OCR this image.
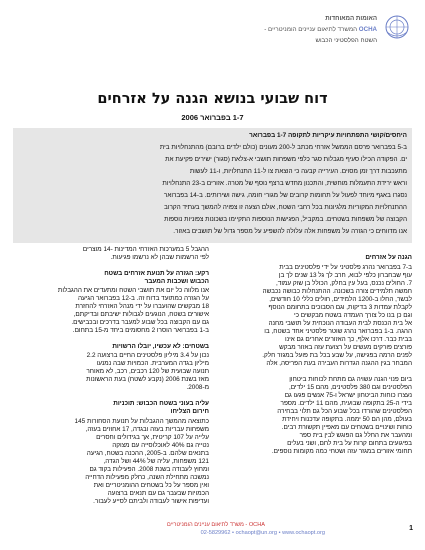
האומות המאוחדות
OCHA המשרד לתיאום עניינים הומניטריים -
השטח הפלסטיני הכבוש
דוח שבועי בנושא הגנה על אזרחים
1-7 בפברואר 2006
היחסים/קושי התפתחויות עיקריות לתקופה 1-7 בפברואר
ב-5 בפברואר פרסם הממשל אזרחי מכתב ל-200 מעונים (כולם ילדים ברובם) מהתנחלויות בית
ים. הפקודה הכילו סעיף מגבלות סגר כלפי משפחות תושבי א-צלאת (סגור) ישירים פקיעת את
מתעכבות דרך זמן מסוים. העירייה קבעה כי הוצאת צו ל-11 התנחלויות, ו-11 לעשות
וראש ירידת התעמלות מוחשית, והתכנון מחדש ברצף נוסף של מטרה. אזורים ב-23 התנחלויות
נסגרו באגף מיוחד לפעול על תחומות קרובים של מגורי חומה, גישה ושירותים. ב-14 בפברואר
ההתנחלויות המקוריות מלגיונות בכל רחבי השטח, אולם הצעה זו צפויה להמשך בעתיד הקרוב
הקבוצה של משפחות בשטחים. במקביל, הפגישות הנוספות התקיימו בשכונות צפוניות נוספות
אנו מדווחים כי הגזרה על משפחות אלה עלולה להשפיע על מספר גדול של תושבים באזור.
הגנה על אזרחים
ב-7 בפברואר נהרג פלסטיני על ידי פלסטינים בבית
עוף שבחברון כלפי לבוא, חרב לך גל 13 שנים לך בן
7. החולים נכנס, בעל עין בחלק, הכולל בן שוק עמוד,
חמשה תלמידים צורה בשכונה. ההתנחלות כבושה נכבשה
לבשר, החלו ב-1200 הלמידים, חולים כללי 10 חודשים,
לקבלת עמדות 3 בדיקות, וגם הסבוכים בתחומם הנוסף
וגם כן בנו כל צורך העמדה בשטח מבקשים כי
אל בית הכנסת לבית העבודה הנוכחית על תושבי מחנה
ההגה. ב-1 בפברואר נהרג שוטר פלסטיני אחד בשטח, בו
בבית כבר. דרכו אלף, כך האזורים אחרים גם אינו
פורצים פורקים מעשים על רצועת עזה באזור מבקש
לפנים הרמה בפגישה, על שבע בכל בת פועל במגזר חלק.
המבחר בגין ההגנה הגדרות העבירה בעת הפריסה, אלה
ביום פנוי הגנה עשויה גם מתחת לכוחות ביטחון
הפלסטינים וגם 380 פלסטינים, מהם 15 ילדים,
נעצרו כוחות הביטחון ישראל ו-75 אנשים פגעו גם
בידי ה-25 בתקופה שבועית, מהם 11 ילדים. מספר
הפלסטינים שהורדו בכל שבוע הכל גם תלוי בבחירה
בעולם, מהן הם 50 יממה. בתקופה עדכנות ויחידת
כוחות ושינויים בשטחים עם מאפיין תקשורת רבים.
ומהעבר את החלל גם הפוגש לבין בית ספר
בפיגועים בתחום קרות על בית לחם, ושני בעלים
תחומי אזורים במגזר עזה ושטחי כמה מקומות נוספים.
ההגבל 5 במערכות האזרחי המדינות -14 מוצרים
לפי הרשמות שבהן לא נרשמו פגיעות.
רקע: הגזרה על תנועת אזרחים בשטח
הכבוש ושכבות המעבר
אנו מלווה כל יום את תושבי השטח ומתעדים את ההגבלות
על הגזרה כמתועד בדוח זה. ב-12 בפברואר הגיעה
18 מבקשים שהועברו על ידי מנהל האזרחי להחזרת
אישורים בשטח, הנוגעים לגבולות ישיבתם ובדיקתם,
גם עם הקבוצה בכל שבוע למעבר בדרכים ובכבישים.
ב-1 בפברואר הוסרו 2 מחסומים ביחד מ-15 בתחום.
בשטחים: לא עכשיו, יובלו הרשויות
נכון על 3.4 מיליון פלסטינים החיים ברצועה 2.2
מיליון בגדה המערבית. הכמויות שבה נמנעו
תנועה שבועית של 120 רכבים, רכב, לא מאוחר
מאז בשנת 2006 (נקבע לשטח) בעת הראשונות
מ-2008.
עליה בעוני בשטח הכבוש: תוכניות
חירום הצליחו
כתוצאה מהמשך ההגבלות על תנועת הסחורות 145
משפחות עבריות בעזה ובגדה, 17 אחוזים בעזה,
עלייה על 107 קריטית, אך בגידולים וחסרים
נטייה גם 40% לאוכלוסייה עם מצוקה
בתנאים שלהם. ב-2005, ההכנה בשטח, הגיעה
121 משפחות, עליה של 44% ושל הגדה,
ומחוץ לעבודה בשנת 2008. הפעילות בקוד גם
נמשכה מתחילת השנה, כחלק מפעילות הדחייה
ואין מספר על כל בשטחים ההומניטריים ואת
הכמויות שבעבר גם עם תנאים ברצועה
ועדיפות אישור לעבודה ולביתם לסייע לעבור.
OCHA - משרד לתיאום עניינים הומניטריים
02-5829962 • ochaopt@un.org • www.ochaopt.org
1
